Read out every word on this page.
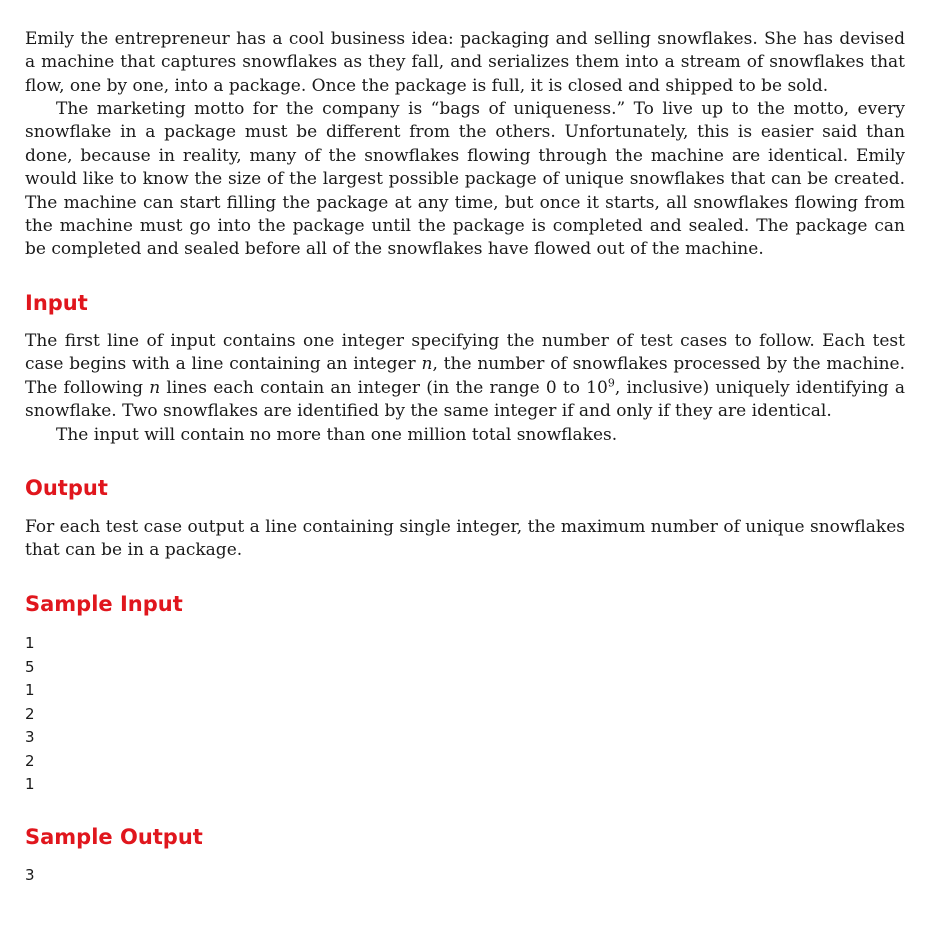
Emily the entrepreneur has a cool business idea: packaging and selling snowflakes. She has devised a machine that captures snowflakes as they fall, and serializes them into a stream of snowflakes that flow, one by one, into a package. Once the package is full, it is closed and shipped to be sold.

The marketing motto for the company is “bags of uniqueness.” To live up to the motto, every snowflake in a package must be different from the others. Unfortunately, this is easier said than done, because in reality, many of the snowflakes flowing through the machine are identical. Emily would like to know the size of the largest possible package of unique snowflakes that can be created. The machine can start filling the package at any time, but once it starts, all snowflakes flowing from the machine must go into the package until the package is completed and sealed. The package can be completed and sealed before all of the snowflakes have flowed out of the machine.

Input

The first line of input contains one integer specifying the number of test cases to follow. Each test case begins with a line containing an integer n, the number of snowflakes processed by the machine. The following n lines each contain an integer (in the range 0 to $10^9$, inclusive) uniquely identifying a snowflake. Two snowflakes are identified by the same integer if and only if they are identical.

The input will contain no more than one million total snowflakes.

Output

For each test case output a line containing single integer, the maximum number of unique snowflakes that can be in a package.

Sample Input
1
5
1
2
3
2
1
Sample Output
3
